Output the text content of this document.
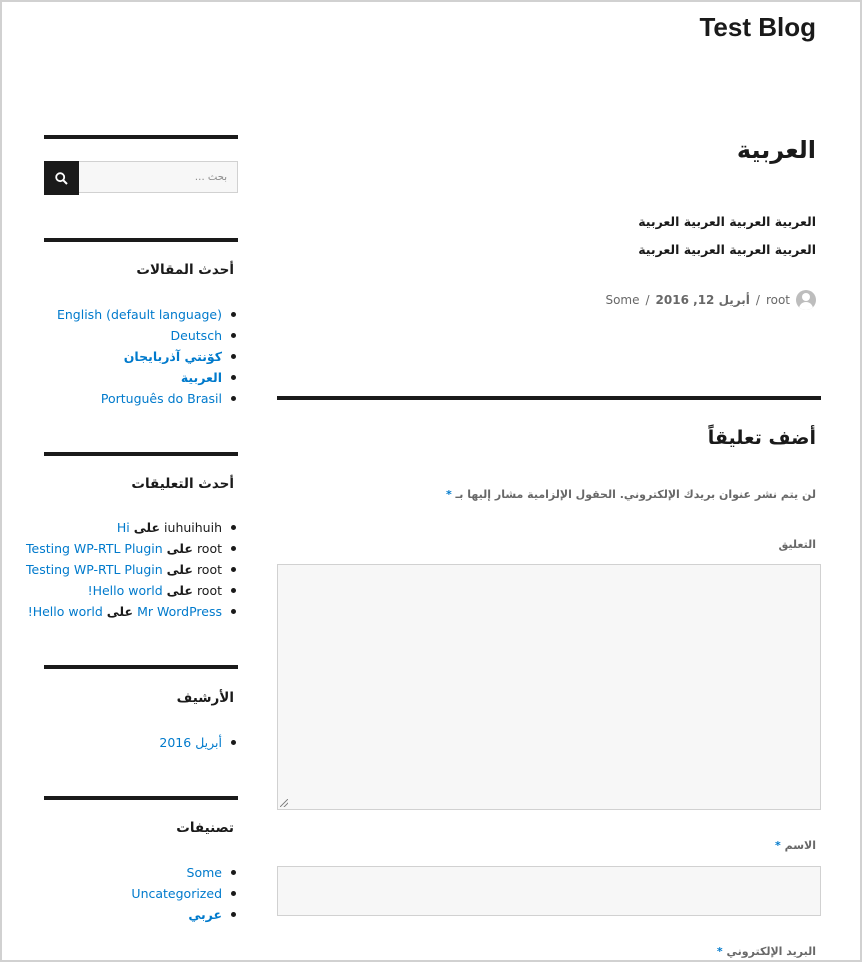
Test Blog
بحث …
أحدث المقالات
English (default language)
Deutsch
كۆنتي آذربايجان
العربية
Português do Brasil
أحدث التعليقات
iuhuihuih على Hi
root على Testing WP-RTL Plugin
root على Testing WP-RTL Plugin
root على Hello world!
Mr WordPress على Hello world!
الأرشيف
أبريل 2016
تصنيفات
Some
Uncategorized
عربي
العربية
العربية العربية العربية العربية
العربية العربية العربية العربية
root
/
أبريل 12, 2016
/
Some
أضف تعليقاً
لن يتم نشر عنوان بريدك الإلكتروني. الحقول الإلزامية مشار إليها بـ *
التعليق
الاسم *
البريد الإلكتروني *
